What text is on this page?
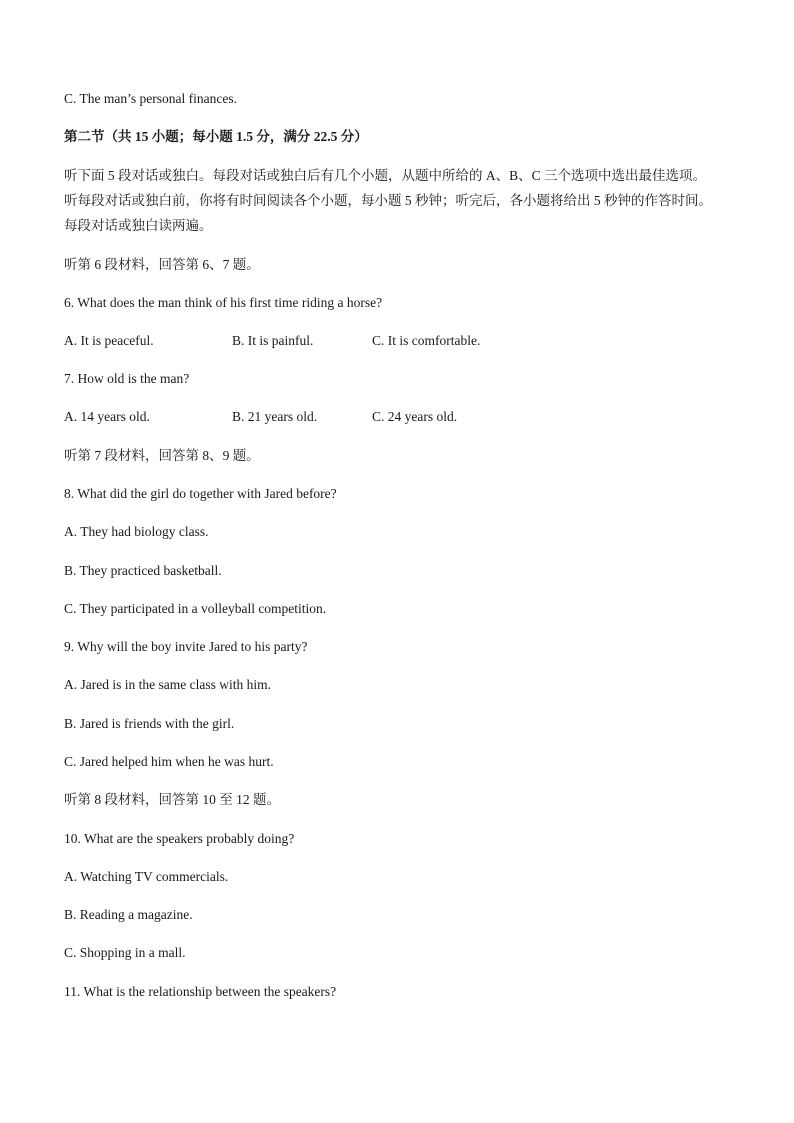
C. The man’s personal finances.
第二节（共 15 小题；每小题 1.5 分，满分 22.5 分）
听下面 5 段对话或独白。每段对话或独白后有几个小题，从题中所给的 A、B、C 三个选项中选出最佳选项。
听每段对话或独白前，你将有时间阅读各个小题，每小题 5 秒钟；听完后，各小题将给出 5 秒钟的作答时间。
每段对话或独白读两遍。
听第 6 段材料，回答第 6、7 题。
6. What does the man think of his first time riding a horse?
A. It is peaceful.	B. It is painful.	C. It is comfortable.
7. How old is the man?
A. 14 years old.	B. 21 years old.	C. 24 years old.
听第 7 段材料，回答第 8、9 题。
8. What did the girl do together with Jared before?
A. They had biology class.
B. They practiced basketball.
C. They participated in a volleyball competition.
9. Why will the boy invite Jared to his party?
A. Jared is in the same class with him.
B. Jared is friends with the girl.
C. Jared helped him when he was hurt.
听第 8 段材料，回答第 10 至 12 题。
10. What are the speakers probably doing?
A. Watching TV commercials.
B. Reading a magazine.
C. Shopping in a mall.
11. What is the relationship between the speakers?
